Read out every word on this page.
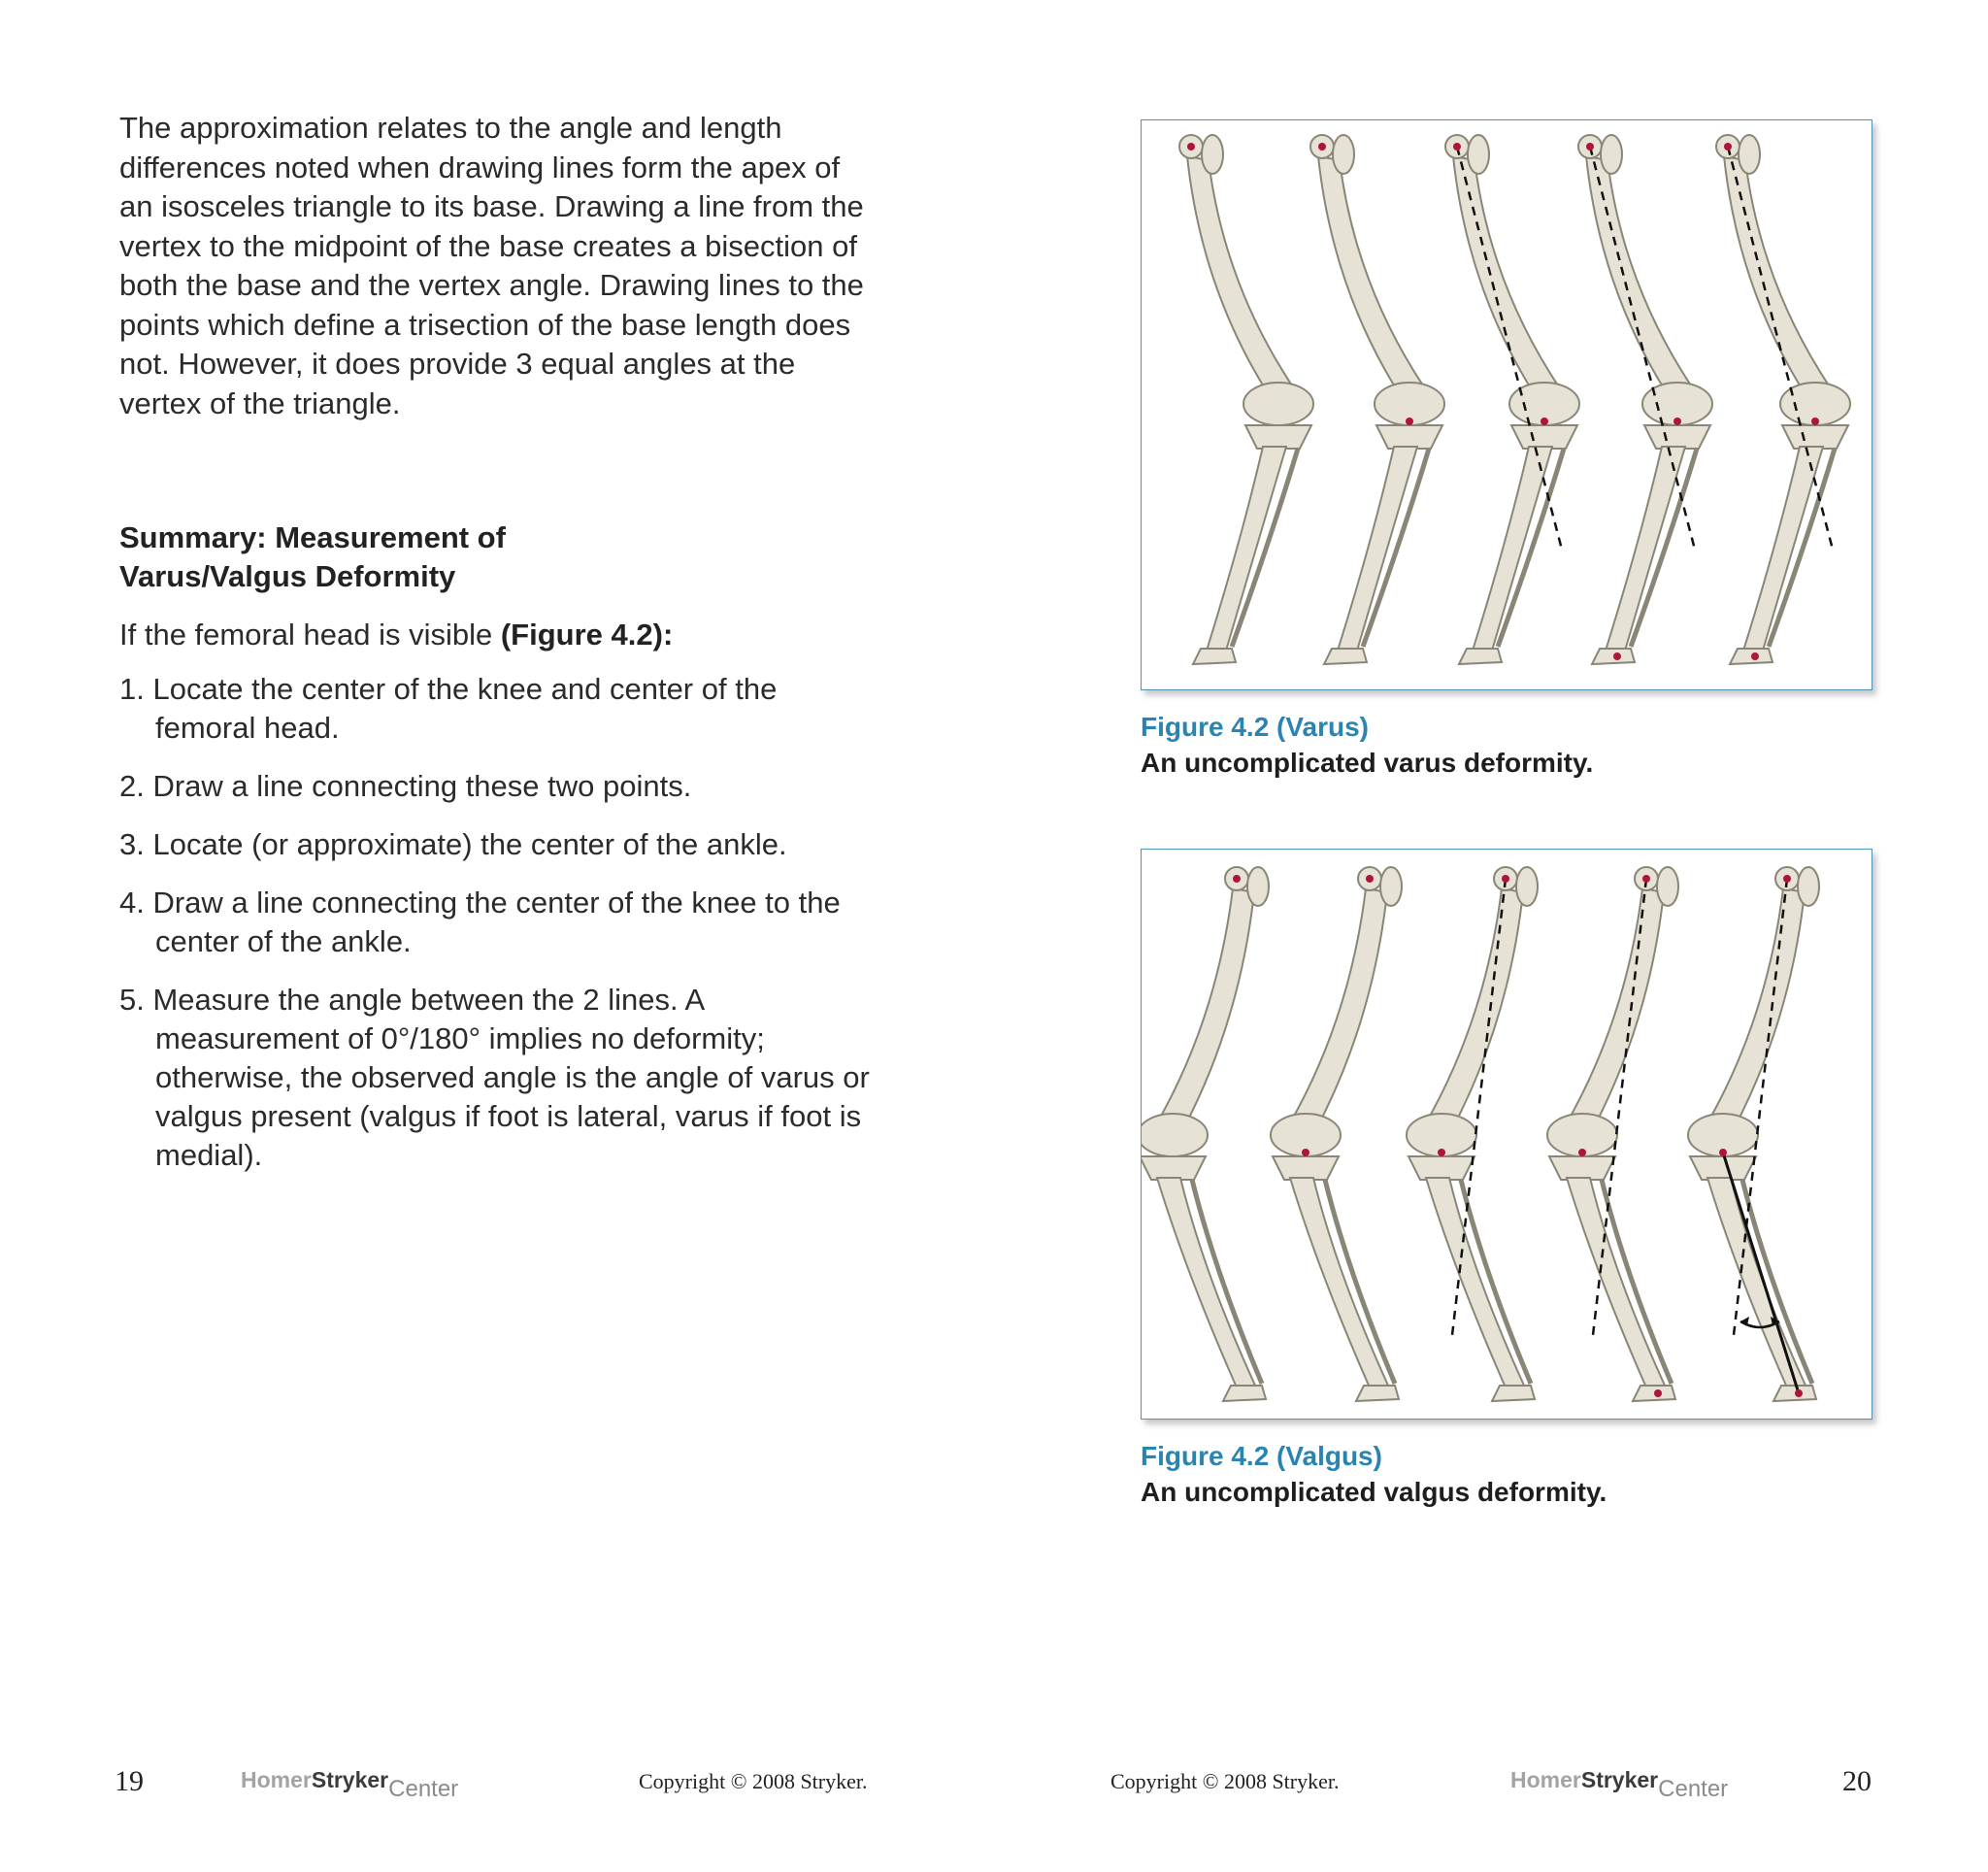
The approximation relates to the angle and length differences noted when drawing lines form the apex of an isosceles triangle to its base. Drawing a line from the vertex to the midpoint of the base creates a bisection of both the base and the vertex angle. Drawing lines to the points which define a trisection of the base length does not. However, it does provide 3 equal angles at the vertex of the triangle.

Summary: Measurement of
Varus/Valgus Deformity

If the femoral head is visible (Figure 4.2):

1. Locate the center of the knee and center of the femoral head.
2. Draw a line connecting these two points.
3. Locate (or approximate) the center of the ankle.
4. Draw a line connecting the center of the knee to the center of the ankle.
5. Measure the angle between the 2 lines. A measurement of 0°/180° implies no deformity; otherwise, the observed angle is the angle of varus or valgus present (valgus if foot is lateral, varus if foot is medial).
Figure 4.2 (Varus)
An uncomplicated varus deformity.
Figure 4.2 (Valgus)
An uncomplicated valgus deformity.
19	HomerStrykerCenter	Copyright © 2008 Stryker.	Copyright © 2008 Stryker.	HomerStrykerCenter	20
